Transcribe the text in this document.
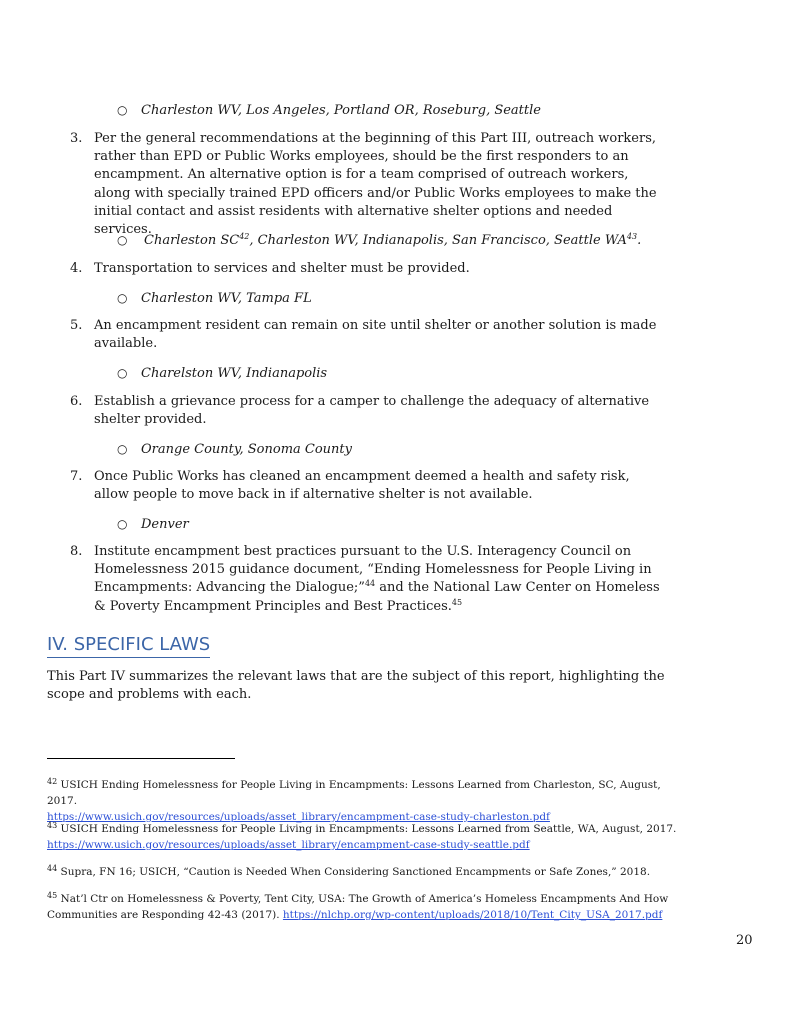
○ Charleston WV, Los Angeles, Portland OR, Roseburg, Seattle
3. Per the general recommendations at the beginning of this Part III, outreach workers, rather than EPD or Public Works employees, should be the first responders to an encampment. An alternative option is for a team comprised of outreach workers, along with specially trained EPD officers and/or Public Works employees to make the initial contact and assist residents with alternative shelter options and needed services.
○ Charleston SC$^{42}$, Charleston WV, Indianapolis, San Francisco, Seattle WA$^{43}$.
4. Transportation to services and shelter must be provided.
○ Charleston WV, Tampa FL
5. An encampment resident can remain on site until shelter or another solution is made available.
○ Charelston WV, Indianapolis
6. Establish a grievance process for a camper to challenge the adequacy of alternative shelter provided.
○ Orange County, Sonoma County
7. Once Public Works has cleaned an encampment deemed a health and safety risk, allow people to move back in if alternative shelter is not available.
○ Denver
8. Institute encampment best practices pursuant to the U.S. Interagency Council on Homelessness 2015 guidance document, “Ending Homelessness for People Living in Encampments: Advancing the Dialogue;”$^{44}$ and the National Law Center on Homeless & Poverty Encampment Principles and Best Practices.$^{45}$
IV. SPECIFIC LAWS
This Part IV summarizes the relevant laws that are the subject of this report, highlighting the scope and problems with each.
$^{42}$ USICH Ending Homelessness for People Living in Encampments: Lessons Learned from Charleston, SC, August, 2017.
https://www.usich.gov/resources/uploads/asset_library/encampment-case-study-charleston.pdf
$^{43}$ USICH Ending Homelessness for People Living in Encampments: Lessons Learned from Seattle, WA, August, 2017.
https://www.usich.gov/resources/uploads/asset_library/encampment-case-study-seattle.pdf
$^{44}$ Supra, FN 16; USICH, “Caution is Needed When Considering Sanctioned Encampments or Safe Zones,” 2018.
$^{45}$ Nat’l Ctr on Homelessness & Poverty, Tent City, USA: The Growth of America’s Homeless Encampments And How Communities are Responding 42-43 (2017). https://nlchp.org/wp-content/uploads/2018/10/Tent_City_USA_2017.pdf
20
